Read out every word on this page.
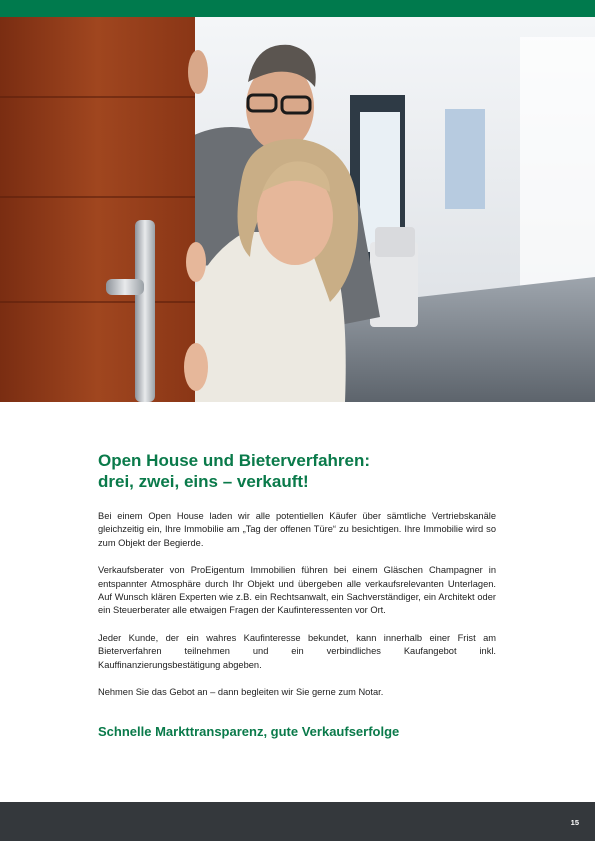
Open House und Bieterverfahren:
drei, zwei, eins – verkauft!

Bei einem Open House laden wir alle potentiellen Käufer über sämtliche Vertriebskanäle gleichzeitig ein, Ihre Immobilie am „Tag der offenen Türe“ zu besichtigen. Ihre Immobilie wird so zum Objekt der Begierde.

Verkaufsberater von ProEigentum Immobilien führen bei einem Gläschen Champagner in entspannter Atmosphäre durch Ihr Objekt und übergeben alle verkaufsrelevanten Unterlagen. Auf Wunsch klären Experten wie z.B. ein Rechtsanwalt, ein Sachverständiger, ein Architekt oder ein Steuerberater alle etwaigen Fragen der Kaufinteressenten vor Ort.

Jeder Kunde, der ein wahres Kaufinteresse bekundet, kann innerhalb einer Frist am Bieterverfahren teilnehmen und ein verbindliches Kaufangebot inkl. Kauffinanzierungsbestätigung abgeben.

Nehmen Sie das Gebot an – dann begleiten wir Sie gerne zum Notar.

Schnelle Markttransparenz, gute Verkaufserfolge
15
